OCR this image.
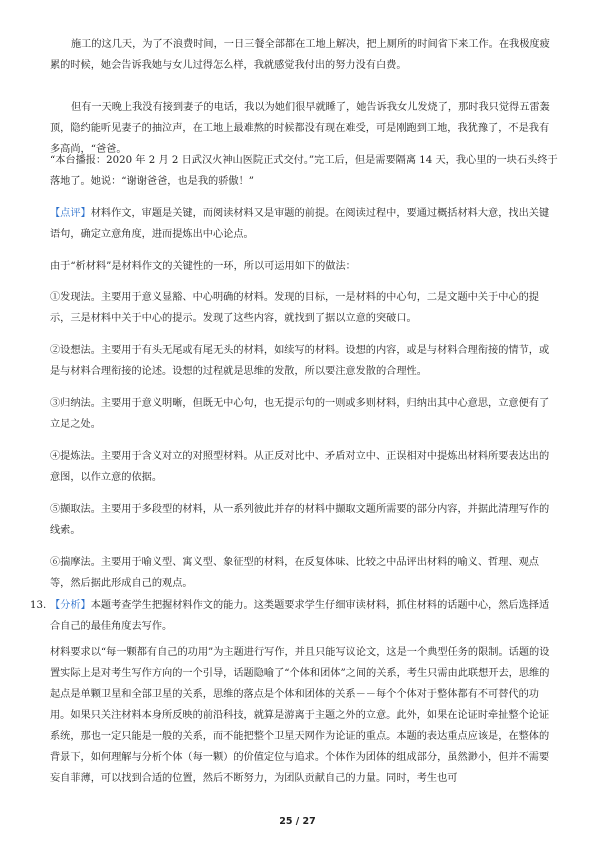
施工的这几天，为了不浪费时间，一日三餐全部都在工地上解决，把上厕所的时间省下来工作。在我极度疲累的时候，她会告诉我她与女儿过得怎么样，我就感觉我付出的努力没有白费。

但有一天晚上我没有接到妻子的电话，我以为她们很早就睡了，她告诉我女儿发烧了，那时我只觉得五雷轰顶，隐约能听见妻子的抽泣声，在工地上最难熬的时候都没有现在难受，可是刚跑到工地，我犹豫了，不是我有多高尚，“爸爸。

“本台播报：2020 年 2 月 2 日武汉火神山医院正式交付。”完工后，但是需要隔离 14 天，我心里的一块石头终于落地了。她说：“谢谢爸爸，也是我的骄傲！”

【点评】材料作文，审题是关键，而阅读材料又是审题的前提。在阅读过程中，要通过概括材料大意，找出关键语句，确定立意角度，进而提炼出中心论点。

由于“析材料”是材料作文的关键性的一环，所以可运用如下的做法：

①发现法。主要用于意义显豁、中心明确的材料。发现的目标，一是材料的中心句，二是文题中关于中心的提示，三是材料中关于中心的提示。发现了这些内容，就找到了据以立意的突破口。

②设想法。主要用于有头无尾或有尾无头的材料，如续写的材料。设想的内容，或是与材料合理衔接的情节，或是与材料合理衔接的论述。设想的过程就是思维的发散，所以要注意发散的合理性。

③归纳法。主要用于意义明晰，但既无中心句，也无提示句的一则或多则材料，归纳出其中心意思，立意便有了立足之处。

④提炼法。主要用于含义对立的对照型材料。从正反对比中、矛盾对立中、正误相对中提炼出材料所要表达出的意图，以作立意的依据。

⑤撷取法。主要用于多段型的材料，从一系列彼此并存的材料中撷取文题所需要的部分内容，并据此清理写作的线索。

⑥揣摩法。主要用于喻义型、寓义型、象征型的材料，在反复体味、比较之中品评出材料的喻义、哲理、观点等，然后据此形成自己的观点。

13. 【分析】本题考查学生把握材料作文的能力。这类题要求学生仔细审读材料，抓住材料的话题中心，然后选择适合自己的最佳角度去写作。

材料要求以“每一颗都有自己的功用”为主题进行写作，并且只能写议论文，这是一个典型任务的限制。话题的设置实际上是对考生写作方向的一个引导，话题隐喻了“个体和团体”之间的关系，考生只需由此联想开去，思维的起点是单颗卫星和全部卫星的关系，思维的落点是个体和团体的关系－－每个个体对于整体都有不可替代的功用。如果只关注材料本身所反映的前沿科技，就算是游离于主题之外的立意。此外，如果在论证时牵扯整个论证系统，那也一定只能是一般的关系，而不能把整个卫星天网作为论证的重点。本题的表达重点应该是，在整体的背景下，如何理解与分析个体（每一颗）的价值定位与追求。个体作为团体的组成部分，虽然渺小，但并不需要妄自菲薄，可以找到合适的位置，然后不断努力，为团队贡献自己的力量。同时，考生也可

25 / 27
